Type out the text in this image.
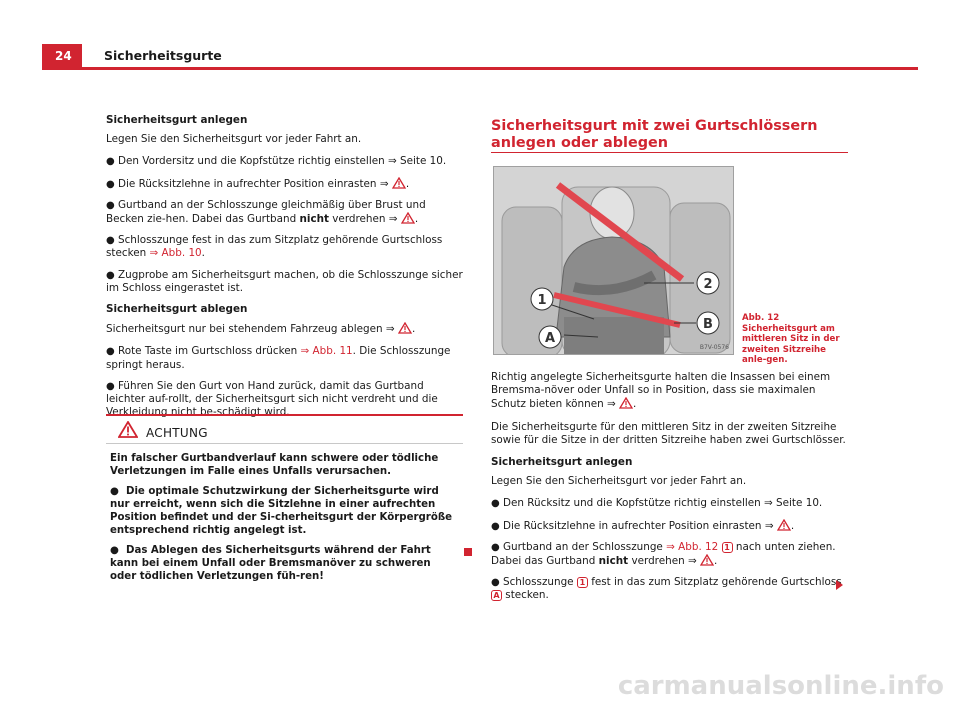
24	Sicherheitsgurte
Sicherheitsgurt anlegen
Legen Sie den Sicherheitsgurt vor jeder Fahrt an.
● Den Vordersitz und die Kopfstütze richtig einstellen ⇒ Seite 10.
● Die Rücksitzlehne in aufrechter Position einrasten ⇒ .
● Gurtband an der Schlosszunge gleichmäßig über Brust und Becken zie-hen. Dabei das Gurtband nicht verdrehen ⇒ .
● Schlosszunge fest in das zum Sitzplatz gehörende Gurtschloss stecken ⇒ Abb. 10.
● Zugprobe am Sicherheitsgurt machen, ob die Schlosszunge sicher im Schloss eingerastet ist.
Sicherheitsgurt ablegen
Sicherheitsgurt nur bei stehendem Fahrzeug ablegen ⇒ .
● Rote Taste im Gurtschloss drücken ⇒ Abb. 11. Die Schlosszunge springt heraus.
● Führen Sie den Gurt von Hand zurück, damit das Gurtband leichter auf-rollt, der Sicherheitsgurt sich nicht verdreht und die Verkleidung nicht be-schädigt wird.
ACHTUNG
Ein falscher Gurtbandverlauf kann schwere oder tödliche Verletzungen im Falle eines Unfalls verursachen.
●  Die optimale Schutzwirkung der Sicherheitsgurte wird nur erreicht, wenn sich die Sitzlehne in einer aufrechten Position befindet und der Si-cherheitsgurt der Körpergröße entsprechend richtig angelegt ist.
●  Das Ablegen des Sicherheitsgurts während der Fahrt kann bei einem Unfall oder Bremsmanöver zu schweren oder tödlichen Verletzungen füh-ren!
Sicherheitsgurt mit zwei Gurtschlössern anlegen oder ablegen
2
1
A
B
B7V-0576
Abb. 12 Sicherheitsgurt am mittleren Sitz in der zweiten Sitzreihe anle-gen.
Richtig angelegte Sicherheitsgurte halten die Insassen bei einem Bremsma-növer oder Unfall so in Position, dass sie maximalen Schutz bieten können ⇒ .
Die Sicherheitsgurte für den mittleren Sitz in der zweiten Sitzreihe sowie für die Sitze in der dritten Sitzreihe haben zwei Gurtschlösser.
Sicherheitsgurt anlegen
Legen Sie den Sicherheitsgurt vor jeder Fahrt an.
● Den Rücksitz und die Kopfstütze richtig einstellen ⇒ Seite 10.
● Die Rücksitzlehne in aufrechter Position einrasten ⇒ .
● Gurtband an der Schlosszunge ⇒ Abb. 12 1 nach unten ziehen. Dabei das Gurtband nicht verdrehen ⇒ .
● Schlosszunge 1 fest in das zum Sitzplatz gehörende Gurtschloss A stecken.
carmanualsonline.info
